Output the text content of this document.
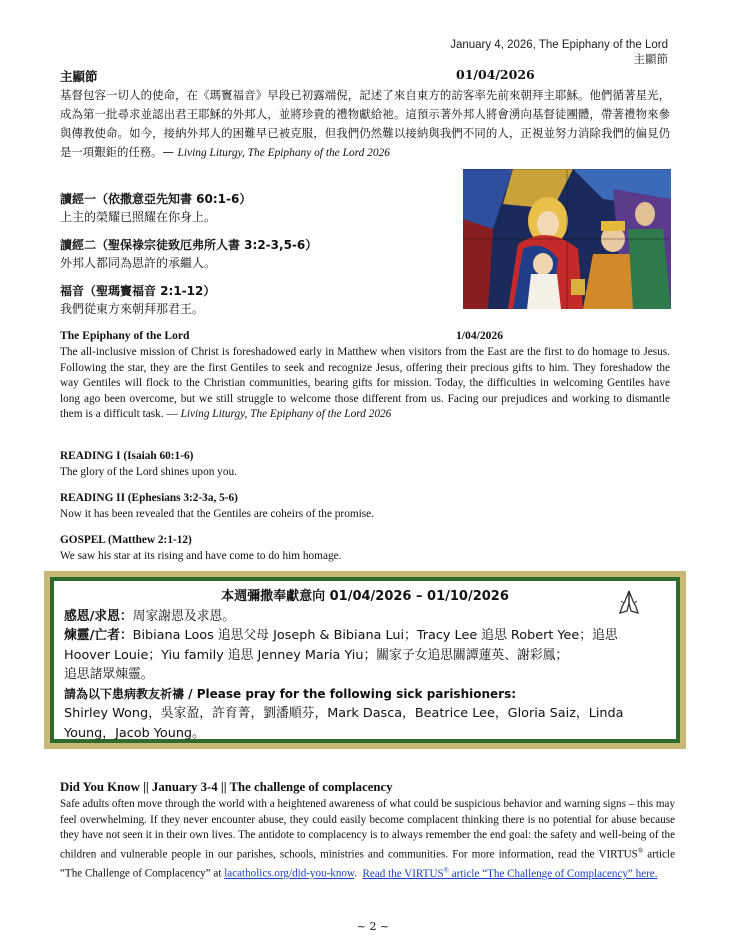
January 4, 2026, The Epiphany of the Lord
主顯節
主顯節	01/04/2026
基督包容一切人的使命，在《瑪竇福音》早段已初露端倪，記述了來自東方的訪客率先前來朝拜主耶穌。他們循著星光，成為第一批尋求並認出君王耶穌的外邦人，並將珍貴的禮物獻給祂。這預示著外邦人將會湧向基督徒團體，帶著禮物來參與傳教使命。如今，接納外邦人的困難早已被克服，但我們仍然難以接納與我們不同的人，正視並努力消除我們的偏見仍是一項艱鉅的任務。— Living Liturgy, The Epiphany of the Lord 2026
讀經一（依撒意亞先知書 60:1-6）
上主的榮耀已照耀在你身上。
讀經二（聖保祿宗徒致厄弗所人書 3:2-3,5-6）
外邦人都同為恩許的承繼人。
福音（聖瑪竇福音 2:1-12）
我們從東方來朝拜那君王。
The Epiphany of the Lord	1/04/2026
The all-inclusive mission of Christ is foreshadowed early in Matthew when visitors from the East are the first to do homage to Jesus. Following the star, they are the first Gentiles to seek and recognize Jesus, offering their precious gifts to him. They foreshadow the way Gentiles will flock to the Christian communities, bearing gifts for mission. Today, the difficulties in welcoming Gentiles have long ago been overcome, but we still struggle to welcome those different from us. Facing our prejudices and working to dismantle them is a difficult task. — Living Liturgy, The Epiphany of the Lord 2026
READING I (Isaiah 60:1-6)
The glory of the Lord shines upon you.
READING II (Ephesians 3:2-3a, 5-6)
Now it has been revealed that the Gentiles are coheirs of the promise.
GOSPEL (Matthew 2:1-12)
We saw his star at its rising and have come to do him homage.
本週彌撒奉獻意向 01/04/2026 – 01/10/2026
感恩/求恩：周家謝恩及求恩。
煉靈/亡者：Bibiana Loos 追思父母 Joseph & Bibiana Lui；Tracy Lee 追思 Robert Yee；追思 Hoover Louie；Yiu family 追思 Jenney Maria Yiu；關家子女追思關譚蓮英、謝彩鳳；
追思諸眾煉靈。
請為以下患病教友祈禱 / Please pray for the following sick parishioners:
Shirley Wong，吳家盈，許育菁，劉潘順芬，Mark Dasca，Beatrice Lee，Gloria Saiz，Linda Young，Jacob Young。
Did You Know || January 3-4 || The challenge of complacency
Safe adults often move through the world with a heightened awareness of what could be suspicious behavior and warning signs – this may feel overwhelming. If they never encounter abuse, they could easily become complacent thinking there is no potential for abuse because they have not seen it in their own lives. The antidote to complacency is to always remember the end goal: the safety and well-being of the children and vulnerable people in our parishes, schools, ministries and communities. For more information, read the VIRTUS® article “The Challenge of Complacency” at lacatholics.org/did-you-know.  Read the VIRTUS® article “The Challenge of Complacency” here.
~ 2 ~
